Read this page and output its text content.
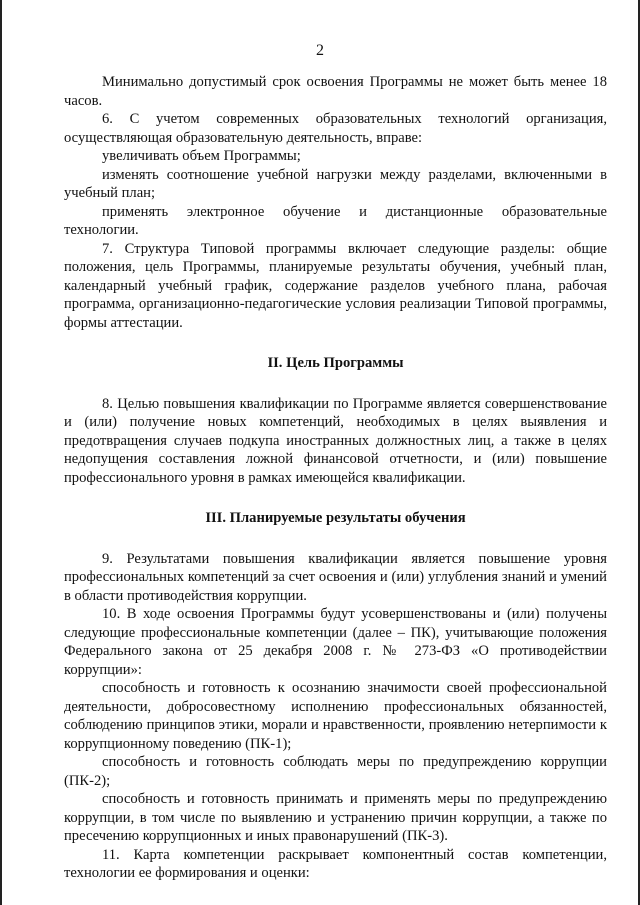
2

Минимально допустимый срок освоения Программы не может быть менее 18 часов.

6. С учетом современных образовательных технологий организация, осуществляющая образовательную деятельность, вправе:

увеличивать объем Программы;

изменять соотношение учебной нагрузки между разделами, включенными в учебный план;

применять электронное обучение и дистанционные образовательные технологии.

7. Структура Типовой программы включает следующие разделы: общие положения, цель Программы, планируемые результаты обучения, учебный план, календарный учебный график, содержание разделов учебного плана, рабочая программа, организационно-педагогические условия реализации Типовой программы, формы аттестации.

II. Цель Программы

8. Целью повышения квалификации по Программе является совершенствование и (или) получение новых компетенций, необходимых в целях выявления и предотвращения случаев подкупа иностранных должностных лиц, а также в целях недопущения составления ложной финансовой отчетности, и (или) повышение профессионального уровня в рамках имеющейся квалификации.

III. Планируемые результаты обучения

9. Результатами повышения квалификации является повышение уровня профессиональных компетенций за счет освоения и (или) углубления знаний и умений в области противодействия коррупции.

10. В ходе освоения Программы будут усовершенствованы и (или) получены следующие профессиональные компетенции (далее – ПК), учитывающие положения Федерального закона от 25 декабря 2008 г. № 273-ФЗ «О противодействии коррупции»:

способность и готовность к осознанию значимости своей профессиональной деятельности, добросовестному исполнению профессиональных обязанностей, соблюдению принципов этики, морали и нравственности, проявлению нетерпимости к коррупционному поведению (ПК-1);

способность и готовность соблюдать меры по предупреждению коррупции (ПК-2);

способность и готовность принимать и применять меры по предупреждению коррупции, в том числе по выявлению и устранению причин коррупции, а также по пресечению коррупционных и иных правонарушений (ПК-3).

11. Карта компетенции раскрывает компонентный состав компетенции, технологии ее формирования и оценки:
